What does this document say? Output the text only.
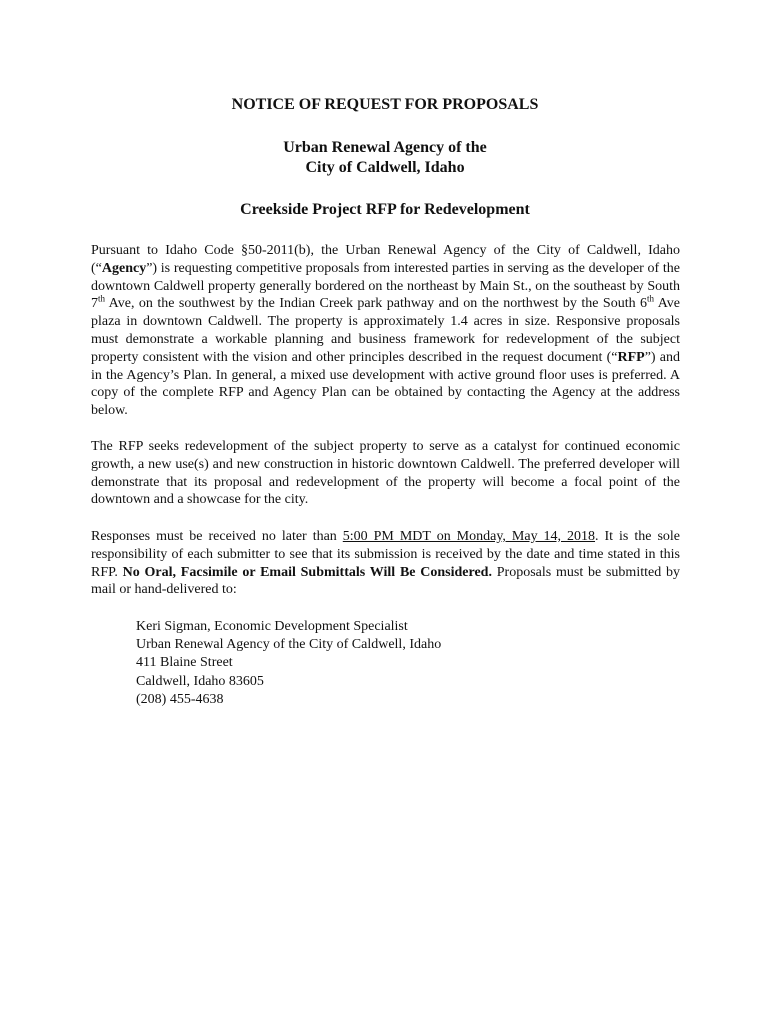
NOTICE OF REQUEST FOR PROPOSALS
Urban Renewal Agency of the
City of Caldwell, Idaho
Creekside Project RFP for Redevelopment

Pursuant to Idaho Code §50-2011(b), the Urban Renewal Agency of the City of Caldwell, Idaho (“Agency”) is requesting competitive proposals from interested parties in serving as the developer of the downtown Caldwell property generally bordered on the northeast by Main St., on the southeast by South 7th Ave, on the southwest by the Indian Creek park pathway and on the northwest by the South 6th Ave plaza in downtown Caldwell. The property is approximately 1.4 acres in size. Responsive proposals must demonstrate a workable planning and business framework for redevelopment of the subject property consistent with the vision and other principles described in the request document (“RFP”) and in the Agency’s Plan. In general, a mixed use development with active ground floor uses is preferred. A copy of the complete RFP and Agency Plan can be obtained by contacting the Agency at the address below.

The RFP seeks redevelopment of the subject property to serve as a catalyst for continued economic growth, a new use(s) and new construction in historic downtown Caldwell. The preferred developer will demonstrate that its proposal and redevelopment of the property will become a focal point of the downtown and a showcase for the city.

Responses must be received no later than 5:00 PM MDT on Monday, May 14, 2018. It is the sole responsibility of each submitter to see that its submission is received by the date and time stated in this RFP. No Oral, Facsimile or Email Submittals Will Be Considered. Proposals must be submitted by mail or hand-delivered to:

Keri Sigman, Economic Development Specialist
Urban Renewal Agency of the City of Caldwell, Idaho
411 Blaine Street
Caldwell, Idaho 83605
(208) 455-4638
